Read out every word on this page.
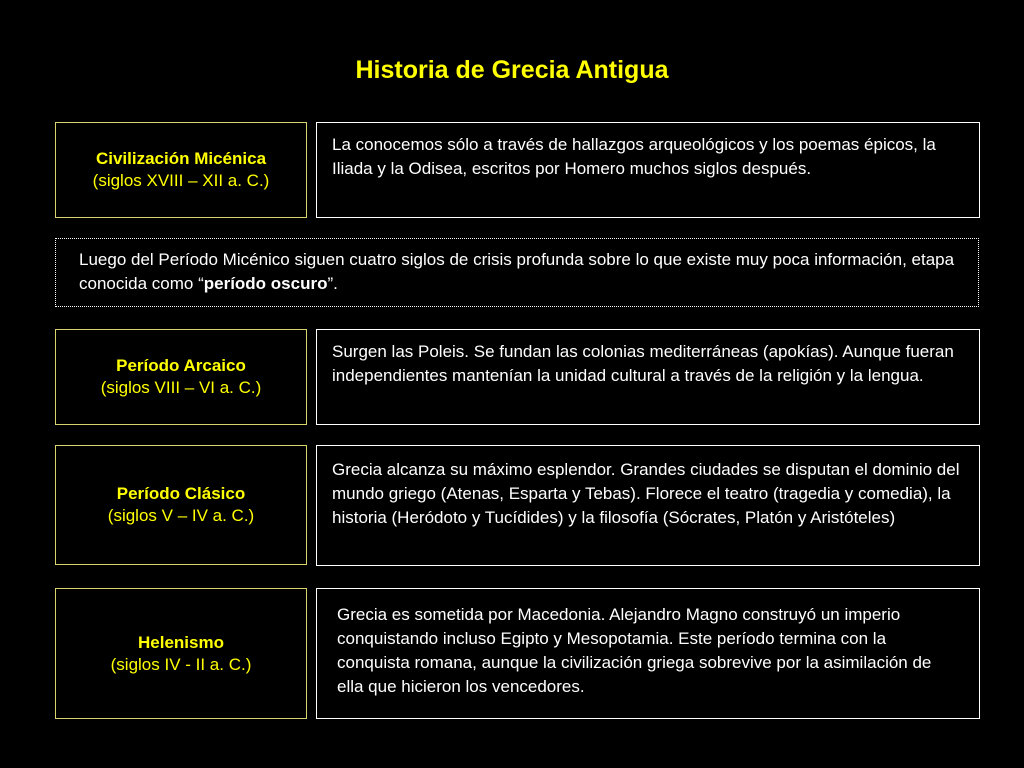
Historia de Grecia Antigua
Civilización Micénica
(siglos XVIII – XII a. C.)
La conocemos sólo a través de hallazgos arqueológicos y los poemas épicos, la Iliada y la Odisea, escritos por Homero muchos siglos después.
Luego del Período Micénico siguen cuatro siglos de crisis profunda sobre lo que existe muy poca información, etapa conocida como “período oscuro”.
Período Arcaico
(siglos VIII – VI a. C.)
Surgen las Poleis. Se fundan las colonias mediterráneas (apokías). Aunque fueran independientes mantenían la unidad cultural a través de la religión y la lengua.
Período Clásico
(siglos V – IV a. C.)
Grecia alcanza su máximo esplendor. Grandes ciudades se disputan el dominio del mundo griego (Atenas, Esparta y Tebas). Florece el teatro (tragedia y comedia), la historia (Heródoto y Tucídides) y la filosofía (Sócrates, Platón y Aristóteles)
Helenismo
(siglos IV - II a. C.)
Grecia es sometida por Macedonia. Alejandro Magno construyó un imperio conquistando incluso Egipto y Mesopotamia. Este período termina con la conquista romana, aunque la civilización griega sobrevive por la asimilación de ella que hicieron los vencedores.
